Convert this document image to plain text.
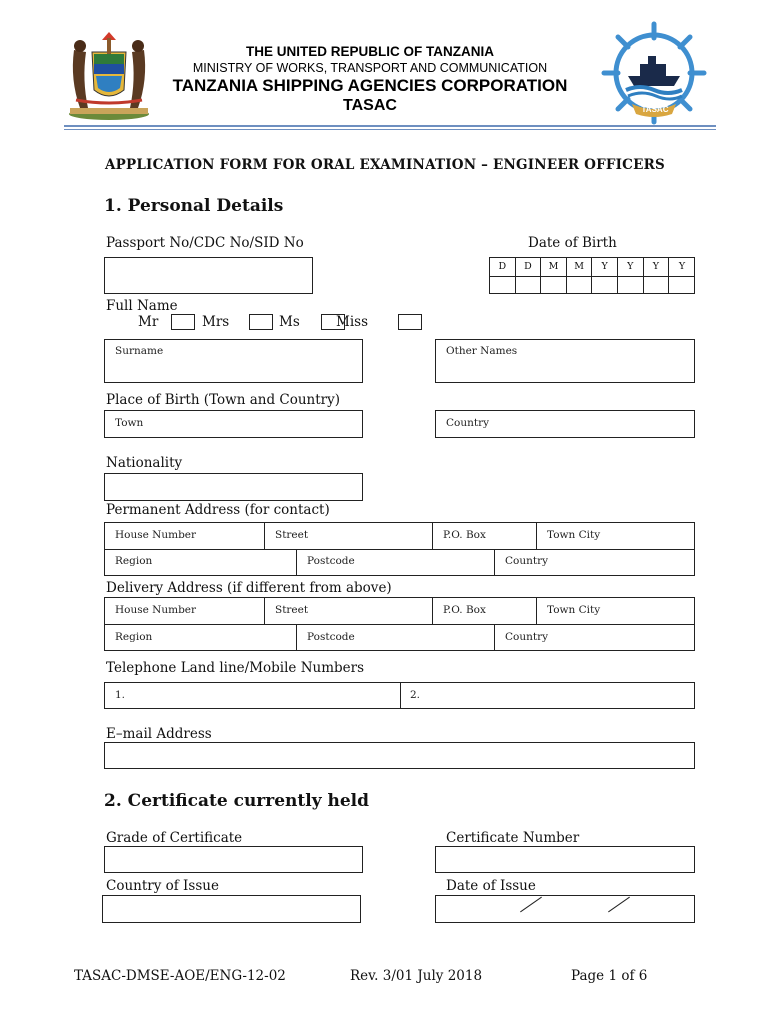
TASAC
THE UNITED REPUBLIC OF TANZANIA
MINISTRY OF WORKS, TRANSPORT AND COMMUNICATION
TANZANIA SHIPPING AGENCIES CORPORATION
TASAC
APPLICATION FORM FOR ORAL EXAMINATION – ENGINEER OFFICERS
1. Personal Details
Passport No/CDC No/SID No	Date of Birth
D	D	M	M	Y	Y	Y	Y
Full Name
Mr	Mrs	Ms	Miss
Surname	Other Names
Place of Birth (Town and Country)
Town	Country
Nationality
Permanent Address (for contact)
House Number	Street	P.O. Box	Town City
Region	Postcode	Country
Delivery Address (if different from above)
House Number	Street	P.O. Box	Town City
Region	Postcode	Country
Telephone Land line/Mobile Numbers
1.	2.
E–mail Address
2. Certificate currently held
Grade of Certificate	Certificate Number
Country of Issue	Date of Issue
TASAC-DMSE-AOE/ENG-12-02	Rev. 3/01 July 2018	Page 1 of 6
